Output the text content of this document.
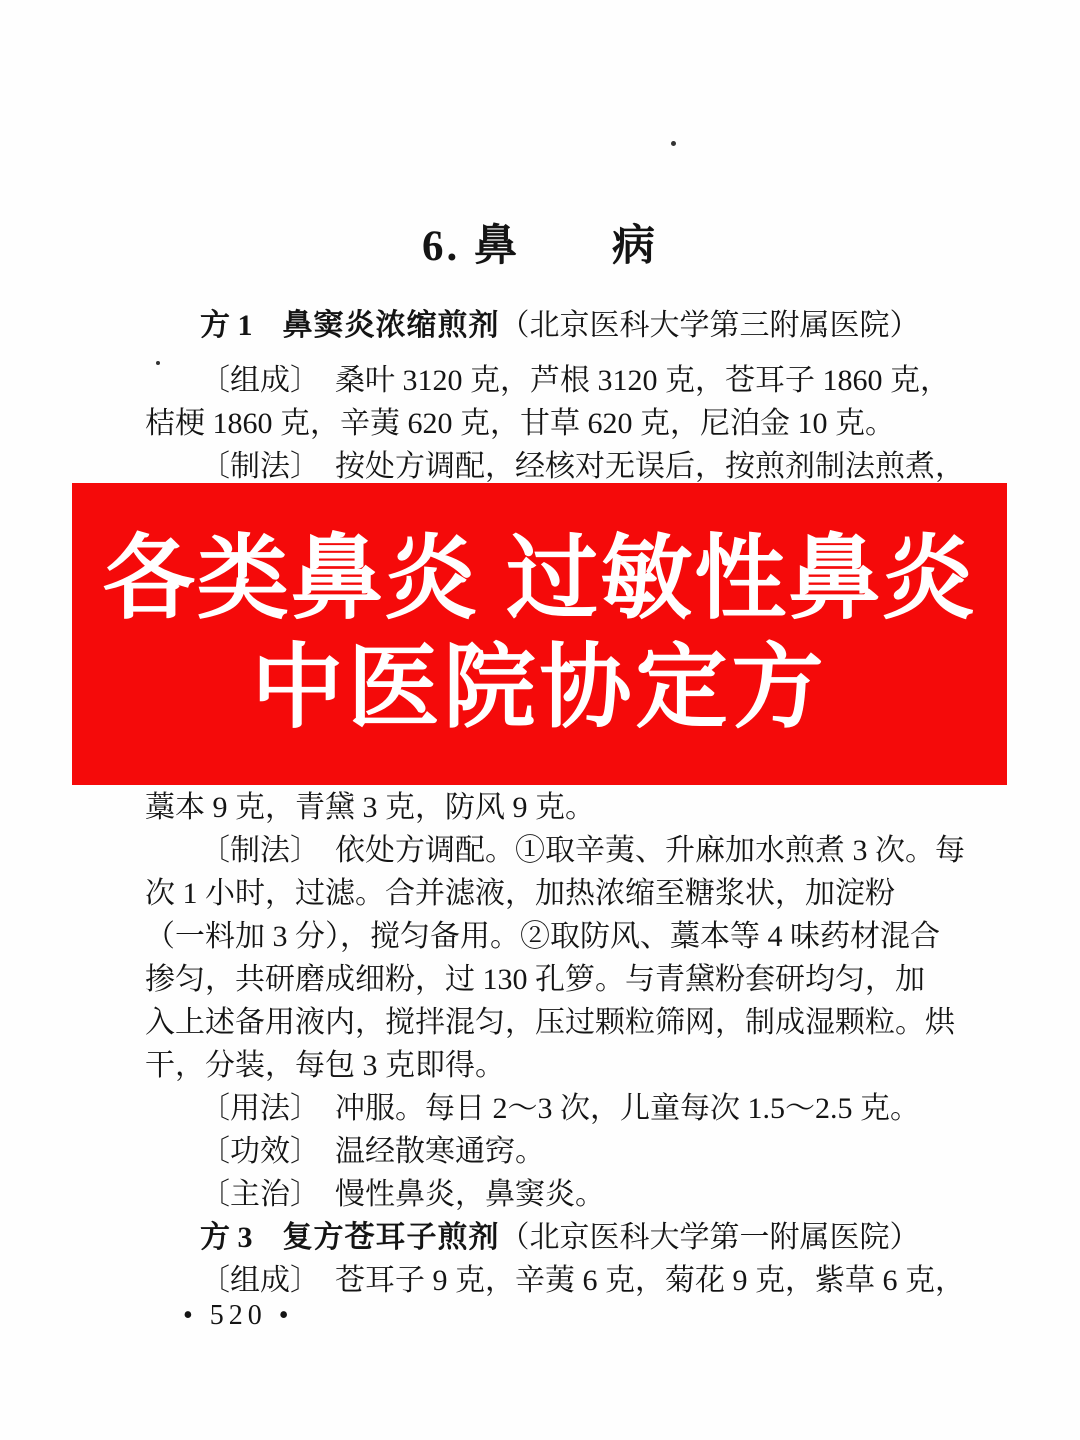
6. 鼻　　病
方 1 鼻窦炎浓缩煎剂（北京医科大学第三附属医院）
〔组成〕　桑叶 3120 克，芦根 3120 克，苍耳子 1860 克，
桔梗 1860 克，辛荑 620 克，甘草 620 克，尼泊金 10 克。
〔制法〕　按处方调配，经核对无误后，按煎剂制法煎煮，
各类鼻炎 过敏性鼻炎
中医院协定方
藁本 9 克，青黛 3 克，防风 9 克。
〔制法〕　依处方调配。①取辛荑、升麻加水煎煮 3 次。每
次 1 小时，过滤。合并滤液，加热浓缩至糖浆状，加淀粉
（一料加 3 分），搅匀备用。②取防风、藁本等 4 味药材混合
掺匀，共研磨成细粉，过 130 孔箩。与青黛粉套研均匀，加
入上述备用液内，搅拌混匀，压过颗粒筛网，制成湿颗粒。烘
干，分装，每包 3 克即得。
〔用法〕　冲服。每日 2～3 次，儿童每次 1.5～2.5 克。
〔功效〕　温经散寒通窍。
〔主治〕　慢性鼻炎，鼻窦炎。
方 3 复方苍耳子煎剂（北京医科大学第一附属医院）
〔组成〕　苍耳子 9 克，辛荑 6 克，菊花 9 克，紫草 6 克，
• 520 •
